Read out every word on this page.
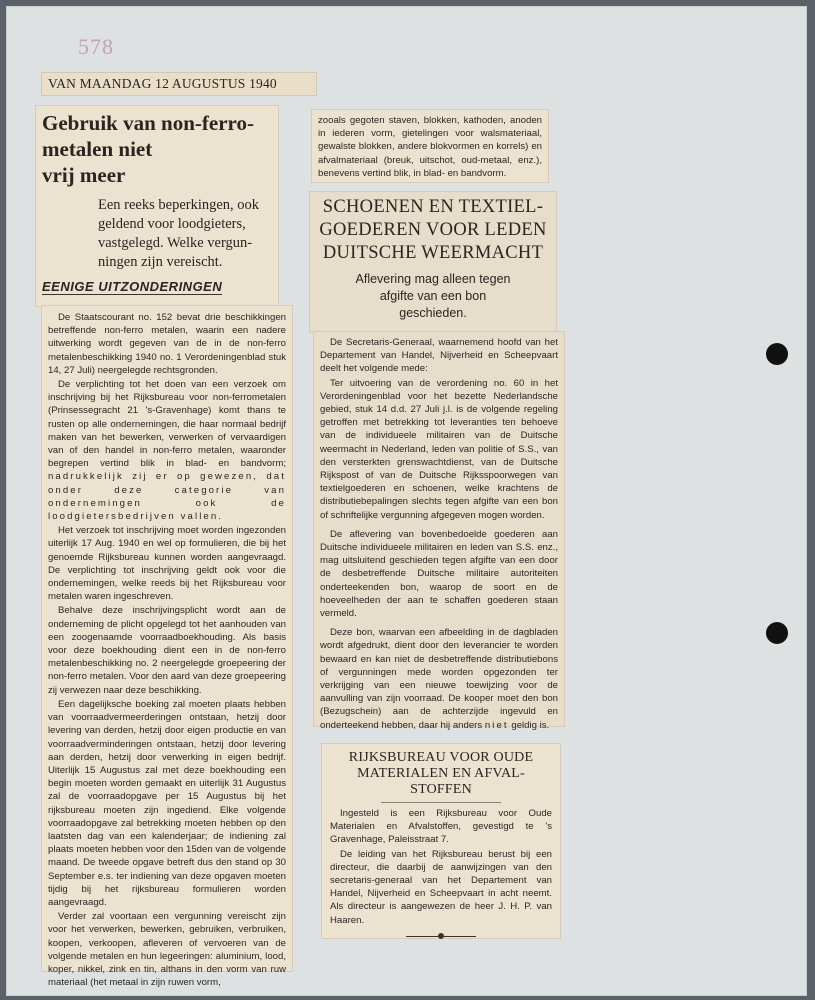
578
VAN MAANDAG 12 AUGUSTUS 1940
Gebruik van non-ferro-
metalen niet
vrij meer
Een reeks beperkingen, ook
geldend voor loodgieters,
vastgelegd. Welke vergun-
ningen zijn vereischt.
EENIGE UITZONDERINGEN

De Staatscourant no. 152 bevat drie beschikkingen betreffende non-ferro metalen, waarin een nadere uitwerking wordt gegeven van de in de non-ferro metalenbeschikking 1940 no. 1 Verordeningenblad stuk 14, 27 Juli) neergelegde rechtsgronden.

De verplichting tot het doen van een verzoek om inschrijving bij het Rijksbureau voor non-ferrometalen (Prinsessegracht 21 's-Gravenhage) komt thans te rusten op alle ondernemingen, die haar normaal bedrijf maken van het bewerken, verwerken of vervaardigen van of den handel in non-ferro metalen, waaronder begrepen vertind blik in blad- en bandvorm; nadrukkelijk zij er op gewezen, dat onder deze categorie van ondernemingen ook de loodgietersbedrijven vallen.

Het verzoek tot inschrijving moet worden ingezonden uiterlijk 17 Aug. 1940 en wel op formulieren, die bij het genoemde Rijksbureau kunnen worden aangevraagd. De verplichting tot inschrijving geldt ook voor die ondernemingen, welke reeds bij het Rijksbureau voor metalen waren ingeschreven.

Behalve deze inschrijvingsplicht wordt aan de onderneming de plicht opgelegd tot het aanhouden van een zoogenaamde voorraadboekhouding. Als basis voor deze boekhouding dient een in de non-ferro metalenbeschikking no. 2 neergelegde groepeering der non-ferro metalen. Voor den aard van deze groepeering zij verwezen naar deze beschikking.

Een dagelijksche boeking zal moeten plaats hebben van voorraadvermeerderingen ontstaan, hetzij door levering van derden, hetzij door eigen productie en van voorraadverminderingen ontstaan, hetzij door levering aan derden, hetzij door verwerking in eigen bedrijf. Uiterlijk 15 Augustus zal met deze boekhouding een begin moeten worden gemaakt en uiterlijk 31 Augustus zal de voorraadopgave per 15 Augustus bij het rijksbureau moeten zijn ingediend. Elke volgende voorraadopgave zal betrekking moeten hebben op den laatsten dag van een kalenderjaar; de indiening zal plaats moeten hebben voor den 15den van de volgende maand. De tweede opgave betreft dus den stand op 30 September e.s. ter indiening van deze opgaven moeten tijdig bij het rijksbureau formulieren worden aangevraagd.

Verder zal voortaan een vergunning vereischt zijn voor het verwerken, bewerken, gebruiken, verbruiken, koopen, verkoopen, afleveren of vervoeren van de volgende metalen en hun legeeringen: aluminium, lood, koper, nikkel, zink en tin, althans in den vorm van ruw materiaal (het metaal in zijn ruwen vorm,

zooals gegoten staven, blokken, kathoden, anoden in iederen vorm, gietelingen voor walsmateriaal, gewalste blokken, andere blokvormen en korrels) en afvalmateriaal (breuk, uitschot, oud-metaal, enz.), benevens vertind blik, in blad- en bandvorm.

SCHOENEN EN TEXTIEL-
GOEDEREN VOOR LEDEN
DUITSCHE WEERMACHT
Aflevering mag alleen tegen
afgifte van een bon
geschieden.

De Secretaris-Generaal, waarnemend hoofd van het Departement van Handel, Nijverheid en Scheepvaart deelt het volgende mede:

Ter uitvoering van de verordening no. 60 in het Verordeningenblad voor het bezette Nederlandsche gebied, stuk 14 d.d. 27 Juli j.l. is de volgende regeling getroffen met betrekking tot leveranties ten behoeve van de individueele militairen van de Duitsche weermacht in Nederland, leden van politie of S.S., van den versterkten grenswachtdienst, van de Duitsche Rijkspost of van de Duitsche Rijksspoorwegen van textielgoederen en schoenen, welke krachtens de distributiebepalingen slechts tegen afgifte van een bon of schriftelijke vergunning afgegeven mogen worden.

De aflevering van bovenbedoelde goederen aan Duitsche individueele militairen en leden van S.S. enz., mag uitsluitend geschieden tegen afgifte van een door de desbetreffende Duitsche militaire autoriteiten onderteekenden bon, waarop de soort en de hoeveelheden der aan te schaffen goederen staan vermeld.

Deze bon, waarvan een afbeelding in de dagbladen wordt afgedrukt, dient door den leverancier te worden bewaard en kan niet de desbetreffende distributiebons of vergunningen mede worden opgezonden ter verkrijging van een nieuwe toewijzing voor de aanvulling van zijn voorraad. De kooper moet den bon (Bezugschein) aan de achterzijde ingevuld en onderteekend hebben, daar hij anders niet geldig is.

RIJKSBUREAU VOOR OUDE
MATERIALEN EN AFVAL-
STOFFEN

Ingesteld is een Rijksbureau voor Oude Materialen en Afvalstoffen, gevestigd te 's Gravenhage, Paleisstraat 7.

De leiding van het Rijksbureau berust bij een directeur, die daarbij de aanwijzingen van den secretaris-generaal van het Departement van Handel, Nijverheid en Scheepvaart in acht neemt. Als directeur is aangewezen de heer J. H. P. van Haaren.
